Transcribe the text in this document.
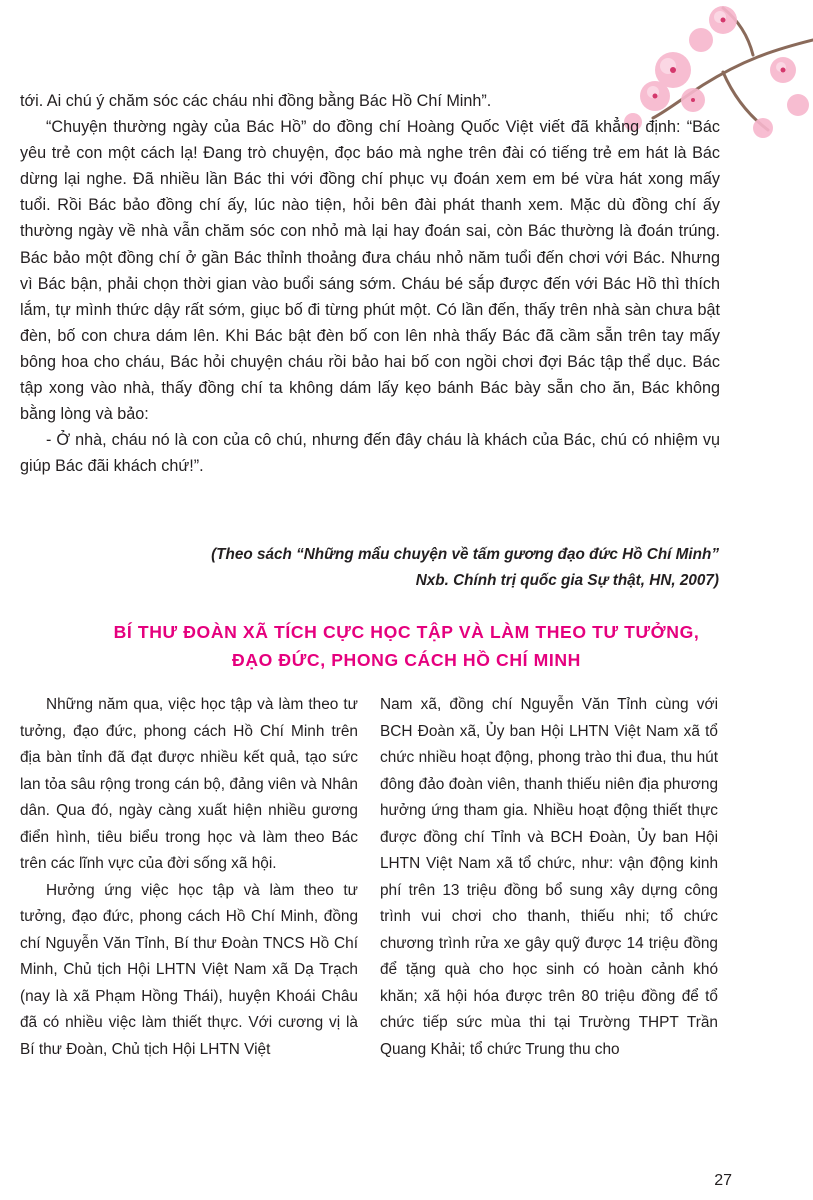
tới. Ai chú ý chăm sóc các cháu nhi đồng bằng Bác Hồ Chí Minh”.

“Chuyện thường ngày của Bác Hồ” do đồng chí Hoàng Quốc Việt viết đã khẳng định: “Bác yêu trẻ con một cách lạ! Đang trò chuyện, đọc báo mà nghe trên đài có tiếng trẻ em hát là Bác dừng lại nghe. Đã nhiều lần Bác thi với đồng chí phục vụ đoán xem em bé vừa hát xong mấy tuổi. Rồi Bác bảo đồng chí ấy, lúc nào tiện, hỏi bên đài phát thanh xem. Mặc dù đồng chí ấy thường ngày về nhà vẫn chăm sóc con nhỏ mà lại hay đoán sai, còn Bác thường là đoán trúng. Bác bảo một đồng chí ở gần Bác thỉnh thoảng đưa cháu nhỏ năm tuổi đến chơi với Bác. Nhưng vì Bác bận, phải chọn thời gian vào buổi sáng sớm. Cháu bé sắp được đến với Bác Hồ thì thích lắm, tự mình thức dậy rất sớm, giục bố đi từng phút một. Có lần đến, thấy trên nhà sàn chưa bật đèn, bố con chưa dám lên. Khi Bác bật đèn bố con lên nhà thấy Bác đã cầm sẵn trên tay mấy bông hoa cho cháu, Bác hỏi chuyện cháu rồi bảo hai bố con ngồi chơi đợi Bác tập thể dục. Bác tập xong vào nhà, thấy đồng chí ta không dám lấy kẹo bánh Bác bày sẵn cho ăn, Bác không bằng lòng và bảo:

- Ở nhà, cháu nó là con của cô chú, nhưng đến đây cháu là khách của Bác, chú có nhiệm vụ giúp Bác đãi khách chứ!”.

(Theo sách “Những mẩu chuyện về tấm gương đạo đức Hồ Chí Minh”
Nxb. Chính trị quốc gia Sự thật, HN, 2007)
BÍ THƯ ĐOÀN XÃ TÍCH CỰC HỌC TẬP VÀ LÀM THEO TƯ TƯỞNG,
ĐẠO ĐỨC, PHONG CÁCH HỒ CHÍ MINH

Những năm qua, việc học tập và làm theo tư tưởng, đạo đức, phong cách Hồ Chí Minh trên địa bàn tỉnh đã đạt được nhiều kết quả, tạo sức lan tỏa sâu rộng trong cán bộ, đảng viên và Nhân dân. Qua đó, ngày càng xuất hiện nhiều gương điển hình, tiêu biểu trong học và làm theo Bác trên các lĩnh vực của đời sống xã hội.

Hưởng ứng việc học tập và làm theo tư tưởng, đạo đức, phong cách Hồ Chí Minh, đồng chí Nguyễn Văn Tỉnh, Bí thư Đoàn TNCS Hồ Chí Minh, Chủ tịch Hội LHTN Việt Nam xã Dạ Trạch (nay là xã Phạm Hồng Thái), huyện Khoái Châu đã có nhiều việc làm thiết thực. Với cương vị là Bí thư Đoàn, Chủ tịch Hội LHTN Việt

Nam xã, đồng chí Nguyễn Văn Tỉnh cùng với BCH Đoàn xã, Ủy ban Hội LHTN Việt Nam xã tổ chức nhiều hoạt động, phong trào thi đua, thu hút đông đảo đoàn viên, thanh thiếu niên địa phương hưởng ứng tham gia. Nhiều hoạt động thiết thực được đồng chí Tỉnh và BCH Đoàn, Ủy ban Hội LHTN Việt Nam xã tổ chức, như: vận động kinh phí trên 13 triệu đồng bổ sung xây dựng công trình vui chơi cho thanh, thiếu nhi; tổ chức chương trình rửa xe gây quỹ được 14 triệu đồng để tặng quà cho học sinh có hoàn cảnh khó khăn; xã hội hóa được trên 80 triệu đồng để tổ chức tiếp sức mùa thi tại Trường THPT Trần Quang Khải; tổ chức Trung thu cho

27
